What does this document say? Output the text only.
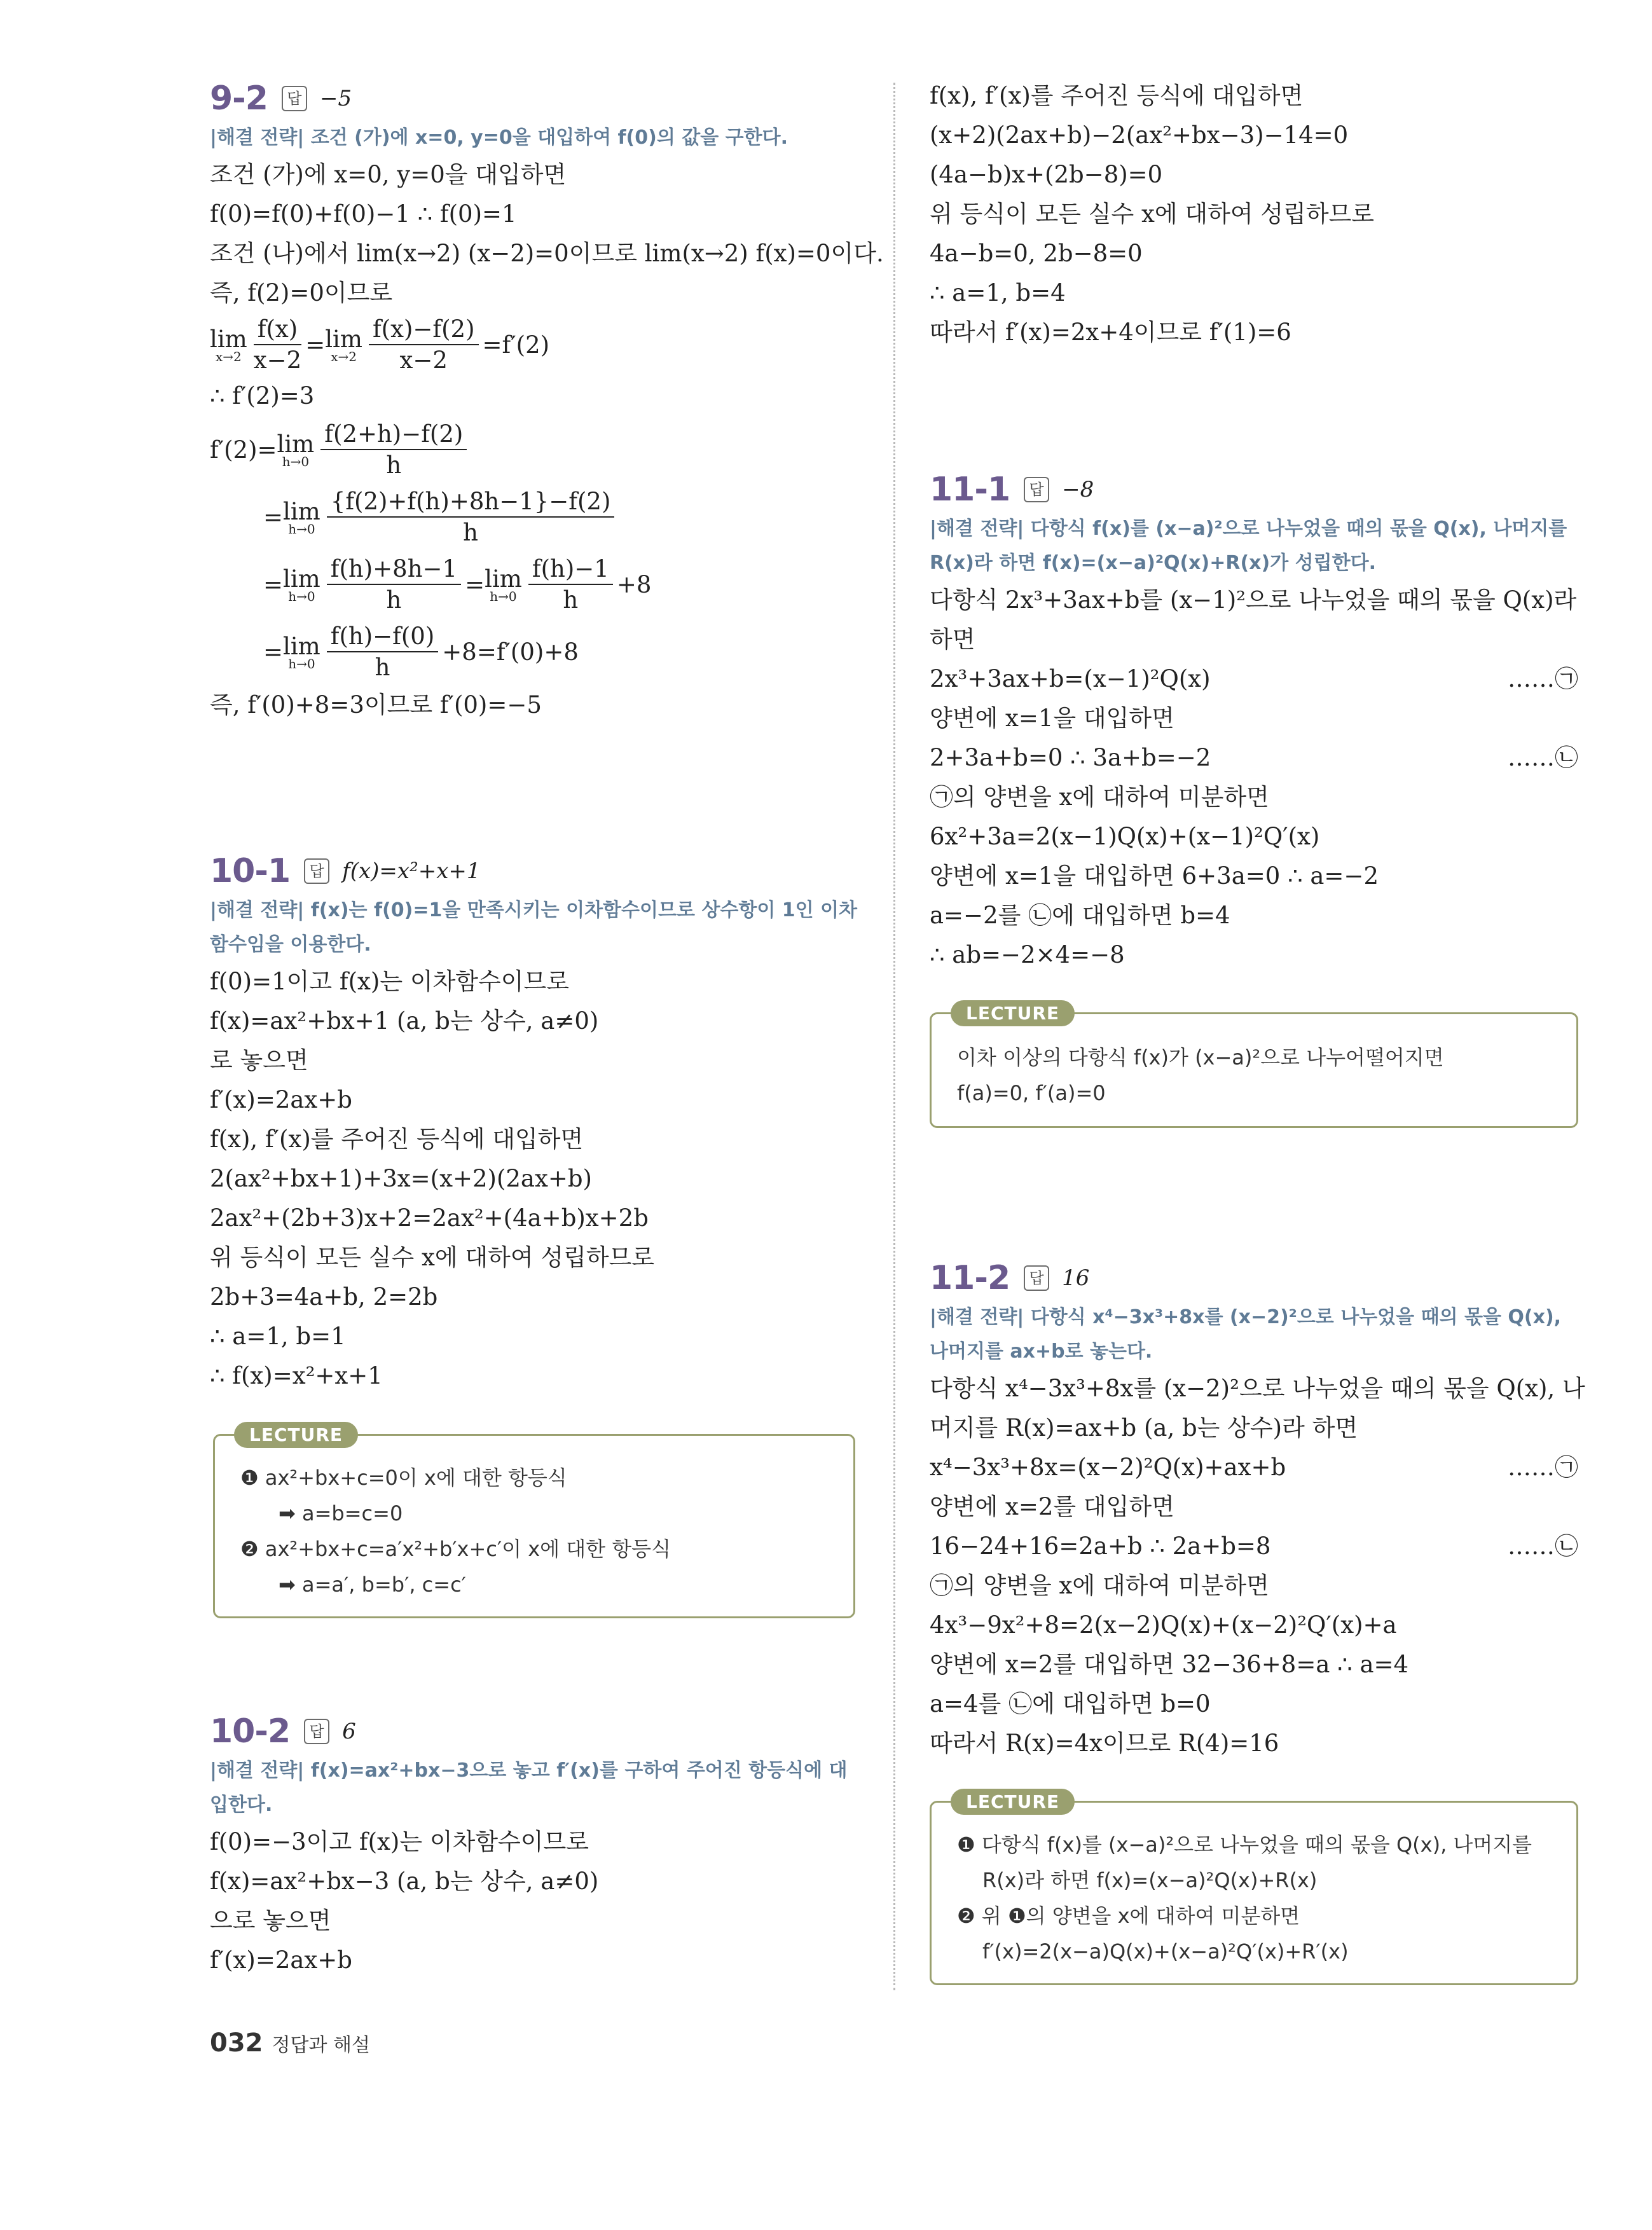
9-2	답 −5
|해결 전략| 조건 (가)에 x=0, y=0을 대입하여 f(0)의 값을 구한다.
조건 (가)에 x=0, y=0을 대입하면
f(0)=f(0)+f(0)−1 ∴ f(0)=1
조건 (나)에서 lim(x→2) (x−2)=0이므로 lim(x→2) f(x)=0이다.
즉, f(2)=0이므로
lim
$x\to 2 \frac{f(x)}{x-2} = \lim$
$x\to 2 \frac{f(x)-f(2)}{x-2} =f'(2)$
∴ f′(2)=3
f′(2)= lim
$h\to 0 \frac{f(2+h)-f(2)}{h}$
= lim
$h\to 0 \frac{\{f(2)+f(h)+8h-1\}-f(2)}{h}$
= lim
$h\to 0 \frac{f(h)+8h-1}{h} = \lim$
$h\to 0 \frac{f(h)-1}{h} +8$
= lim
$h\to 0 \frac{f(h)-f(0)}{h} +8=f'(0)+8$
즉, f′(0)+8=3이므로 f′(0)=−5
10-1	답 f(x)=x²+x+1
|해결 전략| f(x)는 f(0)=1을 만족시키는 이차함수이므로 상수항이 1인 이차 함수임을 이용한다.
f(0)=1이고 f(x)는 이차함수이므로
f(x)=ax²+bx+1 (a, b는 상수, a≠0)
로 놓으면
f′(x)=2ax+b
f(x), f′(x)를 주어진 등식에 대입하면
2(ax²+bx+1)+3x=(x+2)(2ax+b)
2ax²+(2b+3)x+2=2ax²+(4a+b)x+2b
위 등식이 모든 실수 x에 대하여 성립하므로
2b+3=4a+b, 2=2b
∴ a=1, b=1
∴ f(x)=x²+x+1
LECTURE
❶ ax²+bx+c=0이 x에 대한 항등식
➡ a=b=c=0
❷ ax²+bx+c=a′x²+b′x+c′이 x에 대한 항등식
➡ a=a′, b=b′, c=c′
10-2	답 6
|해결 전략| f(x)=ax²+bx−3으로 놓고 f′(x)를 구하여 주어진 항등식에 대입한다.
f(0)=−3이고 f(x)는 이차함수이므로
f(x)=ax²+bx−3 (a, b는 상수, a≠0)
으로 놓으면
f′(x)=2ax+b
f(x), f′(x)를 주어진 등식에 대입하면
(x+2)(2ax+b)−2(ax²+bx−3)−14=0
(4a−b)x+(2b−8)=0
위 등식이 모든 실수 x에 대하여 성립하므로
4a−b=0, 2b−8=0
∴ a=1, b=4
따라서 f′(x)=2x+4이므로 f′(1)=6
11-1	답 −8
|해결 전략| 다항식 f(x)를 (x−a)²으로 나누었을 때의 몫을 Q(x), 나머지를 R(x)라 하면 f(x)=(x−a)²Q(x)+R(x)가 성립한다.
다항식 2x³+3ax+b를 (x−1)²으로 나누었을 때의 몫을 Q(x)라
하면
2x³+3ax+b=(x−1)²Q(x)	……㉠
양변에 x=1을 대입하면
2+3a+b=0 ∴ 3a+b=−2	……㉡
㉠의 양변을 x에 대하여 미분하면
6x²+3a=2(x−1)Q(x)+(x−1)²Q′(x)
양변에 x=1을 대입하면 6+3a=0 ∴ a=−2
a=−2를 ㉡에 대입하면 b=4
∴ ab=−2×4=−8
LECTURE
이차 이상의 다항식 f(x)가 (x−a)²으로 나누어떨어지면
f(a)=0, f′(a)=0
11-2	답 16
|해결 전략| 다항식 x⁴−3x³+8x를 (x−2)²으로 나누었을 때의 몫을 Q(x), 나머지를 ax+b로 놓는다.
다항식 x⁴−3x³+8x를 (x−2)²으로 나누었을 때의 몫을 Q(x), 나
머지를 R(x)=ax+b (a, b는 상수)라 하면
x⁴−3x³+8x=(x−2)²Q(x)+ax+b	……㉠
양변에 x=2를 대입하면
16−24+16=2a+b ∴ 2a+b=8	……㉡
㉠의 양변을 x에 대하여 미분하면
4x³−9x²+8=2(x−2)Q(x)+(x−2)²Q′(x)+a
양변에 x=2를 대입하면 32−36+8=a ∴ a=4
a=4를 ㉡에 대입하면 b=0
따라서 R(x)=4x이므로 R(4)=16
LECTURE
❶ 다항식 f(x)를 (x−a)²으로 나누었을 때의 몫을 Q(x), 나머지를
R(x)라 하면 f(x)=(x−a)²Q(x)+R(x)
❷ 위 ❶의 양변을 x에 대하여 미분하면
f′(x)=2(x−a)Q(x)+(x−a)²Q′(x)+R′(x)
032 정답과 해설
